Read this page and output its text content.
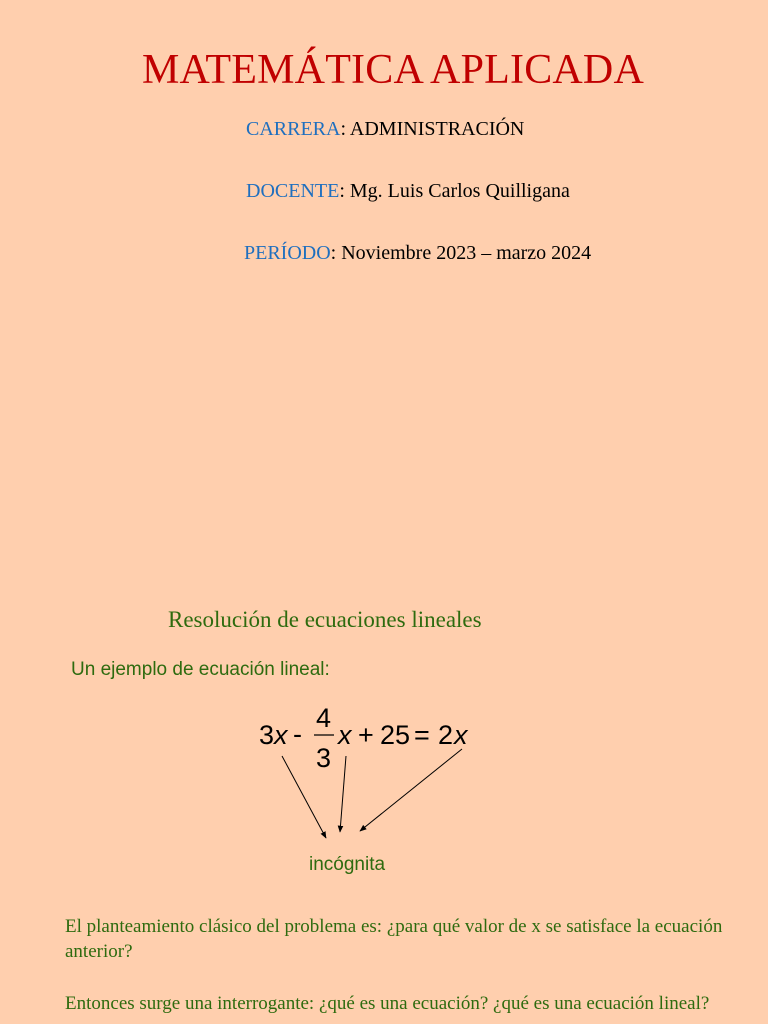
MATEMÁTICA APLICADA
CARRERA: ADMINISTRACIÓN
DOCENTE: Mg. Luis Carlos Quilligana
PERÍODO: Noviembre 2023 – marzo 2024
Resolución de ecuaciones lineales
Un ejemplo de ecuación lineal:
3 x -
4
3
x + 25 = 2 x
incógnita
El planteamiento clásico del problema es: ¿para qué valor de x se satisface la ecuación anterior?
Entonces surge una interrogante: ¿qué es una ecuación? ¿qué es una ecuación lineal?
